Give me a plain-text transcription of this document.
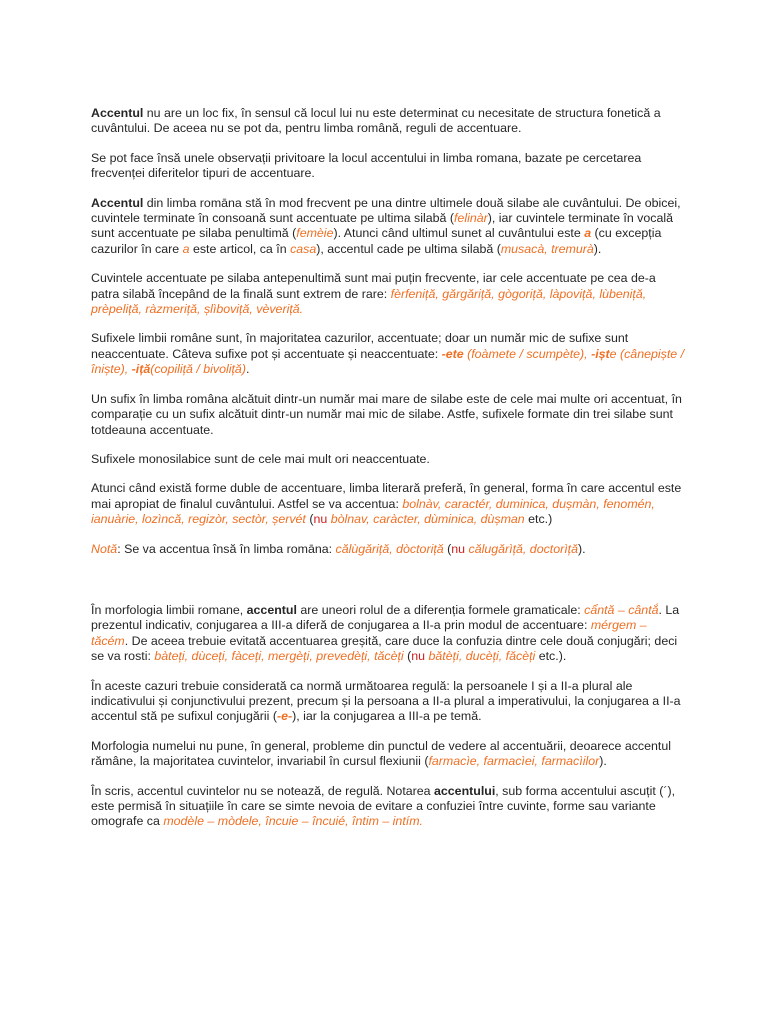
Accentul nu are un loc fix, în sensul că locul lui nu este determinat cu necesitate de structura fonetică a cuvântului. De aceea nu se pot da, pentru limba română, reguli de accentuare.

Se pot face însă unele observații privitoare la locul accentului in limba romana, bazate pe cercetarea frecvenței diferitelor tipuri de accentuare.

Accentul din limba romāna stă în mod frecvent pe una dintre ultimele două silabe ale cuvântului. De obicei, cuvintele terminate în consoană sunt accentuate pe ultima silabă (felinàr), iar cuvintele terminate în vocală sunt accentuate pe silaba penultimă (femèie). Atunci când ultimul sunet al cuvântului este a (cu excepția cazurilor în care a este articol, ca în casa), accentul cade pe ultima silabă (musacà, tremurà).

Cuvintele accentuate pe silaba antepenultimă sunt mai puțin frecvente, iar cele accentuate pe cea de-a patra silabă începând de la finală sunt extrem de rare: fèrfeniță, gărgăriță, gògoriță, làpoviță, lùbeniță, prèpeliță, ràzmeriță, șlìboviță, vèveriță.

Sufixele limbii române sunt, în majoritatea cazurilor, accentuate; doar un număr mic de sufixe sunt neaccentuate. Câteva sufixe pot și accentuate și neaccentuate: -ete (foàmete / scumpète), -iște (cânepiște / îniște), -iță(copiliță / bivoliță).

Un sufix în limba româna alcătuit dintr-un număr mai mare de silabe este de cele mai multe ori accentuat, în comparație cu un sufix alcătuit dintr-un număr mai mic de silabe. Astfe, sufixele formate din trei silabe sunt totdeauna accentuate.

Sufixele monosilabice sunt de cele mai mult ori neaccentuate.

Atunci când există forme duble de accentuare, limba literară preferă, în general, forma în care accentul este mai apropiat de finalul cuvântului. Astfel se va accentua: bolnàv, caractér, duminica, dușmàn, fenomén, ianuàrie, lozìncă, regizòr, sectòr, șervét (nu bòlnav, caràcter, dùminica, dùșman etc.)

Notă: Se va accentua însă în limba romāna: călùgăriță, dòctoriță (nu călugărìță, doctorìță).

În morfologia limbii romane, accentul are uneori rolul de a diferenția formele gramaticale: cẩntă – cântắ. La prezentul indicativ, conjugarea a III-a diferă de conjugarea a II-a prin modul de accentuare: mérgem – tăcém. De aceea trebuie evitată accentuarea greșită, care duce la confuzia dintre cele două conjugări; deci se va rosti: bàteți, dùceți, fàceți, mergèți, prevedèți, tăcèți (nu bătèți, ducèți, făcèți etc.).

În aceste cazuri trebuie considerată ca normă următoarea regulă: la persoanele I și a II-a plural ale indicativului și conjunctivului prezent, precum și la persoana a II-a plural a imperativului, la conjugarea a II-a accentul stă pe sufixul conjugării (-e-), iar la conjugarea a III-a pe temă.

Morfologia numelui nu pune, în general, probleme din punctul de vedere al accentuării, deoarece accentul rămâne, la majoritatea cuvintelor, invariabil în cursul flexiunii (farmacìe, farmacìei, farmacìilor).

În scris, accentul cuvintelor nu se notează, de regulă. Notarea accentului, sub forma accentului ascuțit (´), este permisă în situațiile în care se simte nevoia de evitare a confuziei între cuvinte, forme sau variante omografe ca modèle – mòdele, încuie – încuié, întim – intím.
